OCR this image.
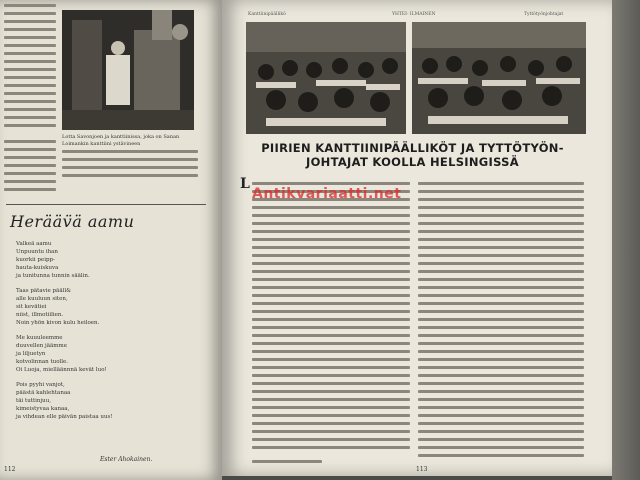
Lotta Savonjoen ja kanttiinissa, joka on Sanan Loimankin kanttiini ystävineen
Herääv̈ä aamu
Valkeä aamu
Unpuuntu ihan
kuorkii peipp-
hauta-kuiskuva
ja tunitunna tunnin säälin.
Taas pätavie pääll&
alle kuuluun siten,
sit kevätiei
niist, illmotiilien.
Noin yhön kivon kulu heiloen.
Me kuuuleemme
duuvellen jäämme
ja liljuetyn
kotvolinnan tuolle.
Oi Luoja, mielläännnä kevät luo!
Pois pyyhi vanjot,
päästä kahlehtanaa
täi tuttinjuu,
kimeistyvaa kanaa,
ja vihdean elle päivän paistaa uus!
Ester Ahokainen.
112
Kanttiinipäällikö	YHTEI- ILMAINEN	Tyttötyönjohtajat
PIIRIEN KANTTIINIPÄÄLLIKÖT JA TYTTÖTYÖN-
JOHTAJAT KOOLLA HELSINGISSÄ
L
Antikvariaatti.net
113
